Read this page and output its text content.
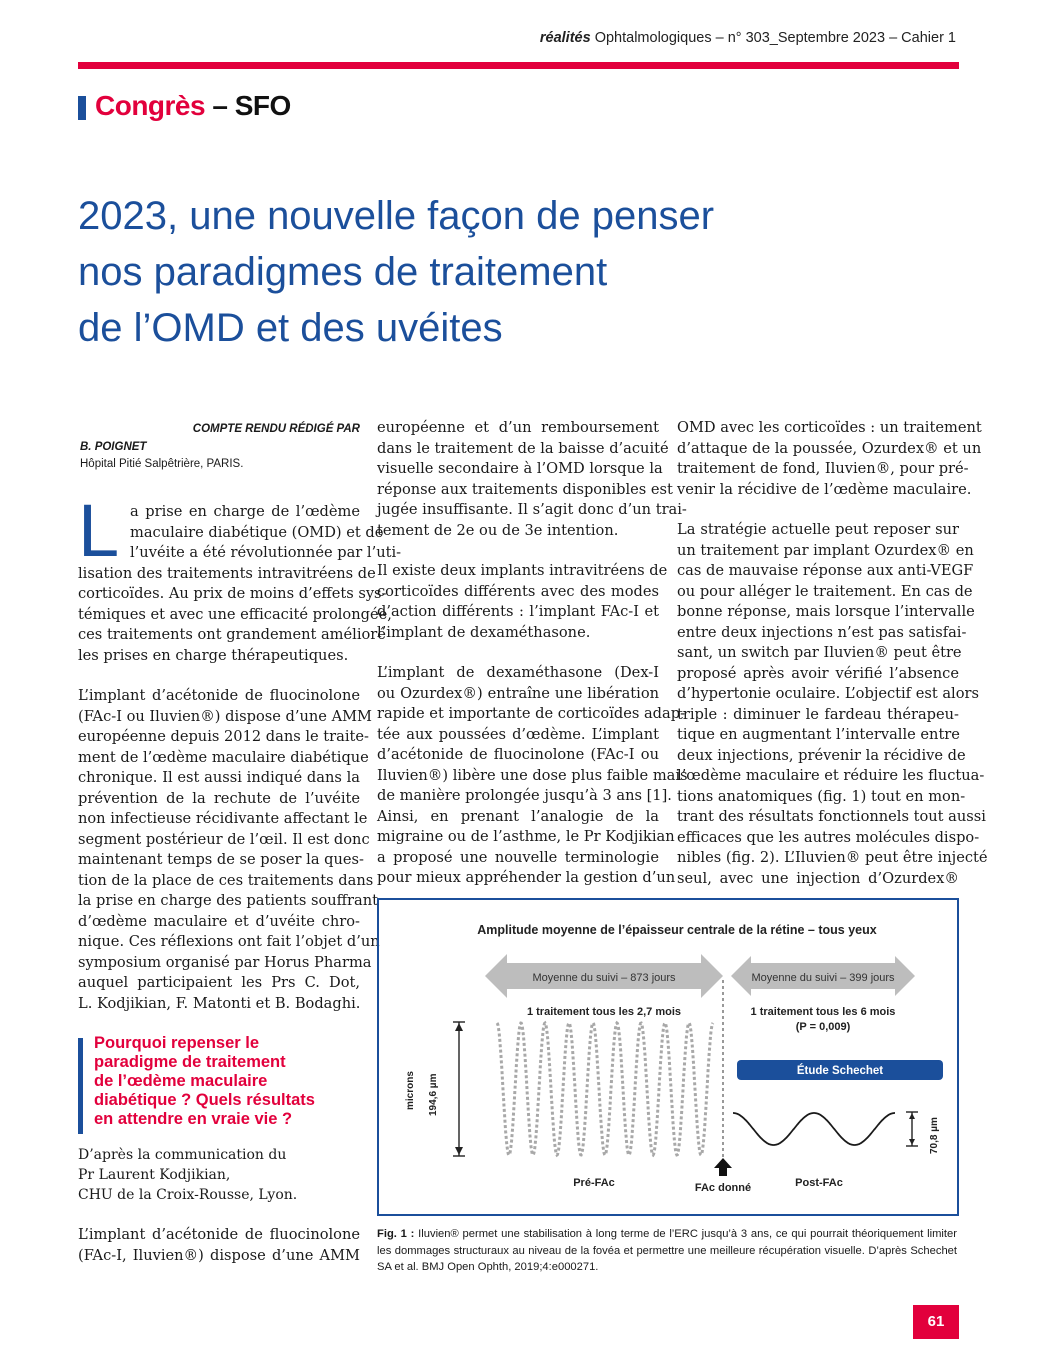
réalités Ophtalmologiques – n° 303_Septembre 2023 – Cahier 1
Congrès – SFO
2023, une nouvelle façon de penser
nos paradigmes de traitement
de l’OMD et des uvéites
COMPTE RENDU RÉDIGÉ PAR
B. POIGNET
Hôpital Pitié Salpêtrière, PARIS.

L a prise en charge de l’œdème
maculaire diabétique (OMD) et de
l’uvéite a été révolutionnée par l’uti-
lisation des traitements intravitréens de
corticoïdes. Au prix de moins d’effets sys-
témiques et avec une efficacité prolongée,
ces traitements ont grandement amélioré
les prises en charge thérapeutiques.

L’implant d’acétonide de fluocinolone
(FAc-I ou Iluvien®) dispose d’une AMM
européenne depuis 2012 dans le traite-
ment de l’œdème maculaire diabétique
chronique. Il est aussi indiqué dans la
prévention de la rechute de l’uvéite
non infectieuse récidivante affectant le
segment postérieur de l’œil. Il est donc
maintenant temps de se poser la ques-
tion de la place de ces traitements dans
la prise en charge des patients souffrant
d’œdème maculaire et d’uvéite chro-
nique. Ces réflexions ont fait l’objet d’un
symposium organisé par Horus Pharma
auquel participaient les Prs C. Dot,
L. Kodjikian, F. Matonti et B. Bodaghi.

Pourquoi repenser le
paradigme de traitement
de l’œdème maculaire
diabétique ? Quels résultats
en attendre en vraie vie ?
D’après la communication du
Pr Laurent Kodjikian,
CHU de la Croix-Rousse, Lyon.

L’implant d’acétonide de fluocinolone
(FAc-I, Iluvien®) dispose d’une AMM

européenne et d’un remboursement
dans le traitement de la baisse d’acuité
visuelle secondaire à l’OMD lorsque la
réponse aux traitements disponibles est
jugée insuffisante. Il s’agit donc d’un trai-
tement de 2e ou de 3e intention.

Il existe deux implants intravitréens de
corticoïdes différents avec des modes
d’action différents : l’implant FAc-I et
l’implant de dexaméthasone.

L’implant de dexaméthasone (Dex-I
ou Ozurdex®) entraîne une libération
rapide et importante de corticoïdes adap-
tée aux poussées d’œdème. L’implant
d’acétonide de fluocinolone (FAc-I ou
Iluvien®) libère une dose plus faible mais
de manière prolongée jusqu’à 3 ans [1].
Ainsi, en prenant l’analogie de la
migraine ou de l’asthme, le Pr Kodjikian
a proposé une nouvelle terminologie
pour mieux appréhender la gestion d’un

OMD avec les corticoïdes : un traitement
d’attaque de la poussée, Ozurdex® et un
traitement de fond, Iluvien®, pour pré-
venir la récidive de l’œdème maculaire.

La stratégie actuelle peut reposer sur
un traitement par implant Ozurdex® en
cas de mauvaise réponse aux anti-VEGF
ou pour alléger le traitement. En cas de
bonne réponse, mais lorsque l’intervalle
entre deux injections n’est pas satisfai-
sant, un switch par Iluvien® peut être
proposé après avoir vérifié l’absence
d’hypertonie oculaire. L’objectif est alors
triple : diminuer le fardeau thérapeu-
tique en augmentant l’intervalle entre
deux injections, prévenir la récidive de
l’œdème maculaire et réduire les fluctua-
tions anatomiques (fig. 1) tout en mon-
trant des résultats fonctionnels tout aussi
efficaces que les autres molécules dispo-
nibles (fig. 2). L’Iluvien® peut être injecté
seul, avec une injection d’Ozurdex®

Amplitude moyenne de l’épaisseur centrale de la rétine – tous yeux
Moyenne du suivi – 873 jours	Moyenne du suivi – 399 jours
1 traitement tous les 2,7 mois	1 traitement tous les 6 mois
(P = 0,009)
microns 194,6 µm
Étude Schechet
70,8 µm
Pré-FAc	FAc donné	Post-FAc
Fig. 1 : Iluvien® permet une stabilisation à long terme de l’ERC jusqu’à 3 ans, ce qui pourrait théoriquement limiter les dommages structuraux au niveau de la fovéa et permettre une meilleure récupération visuelle. D’après Schechet SA et al. BMJ Open Ophth, 2019;4:e000271.
61
